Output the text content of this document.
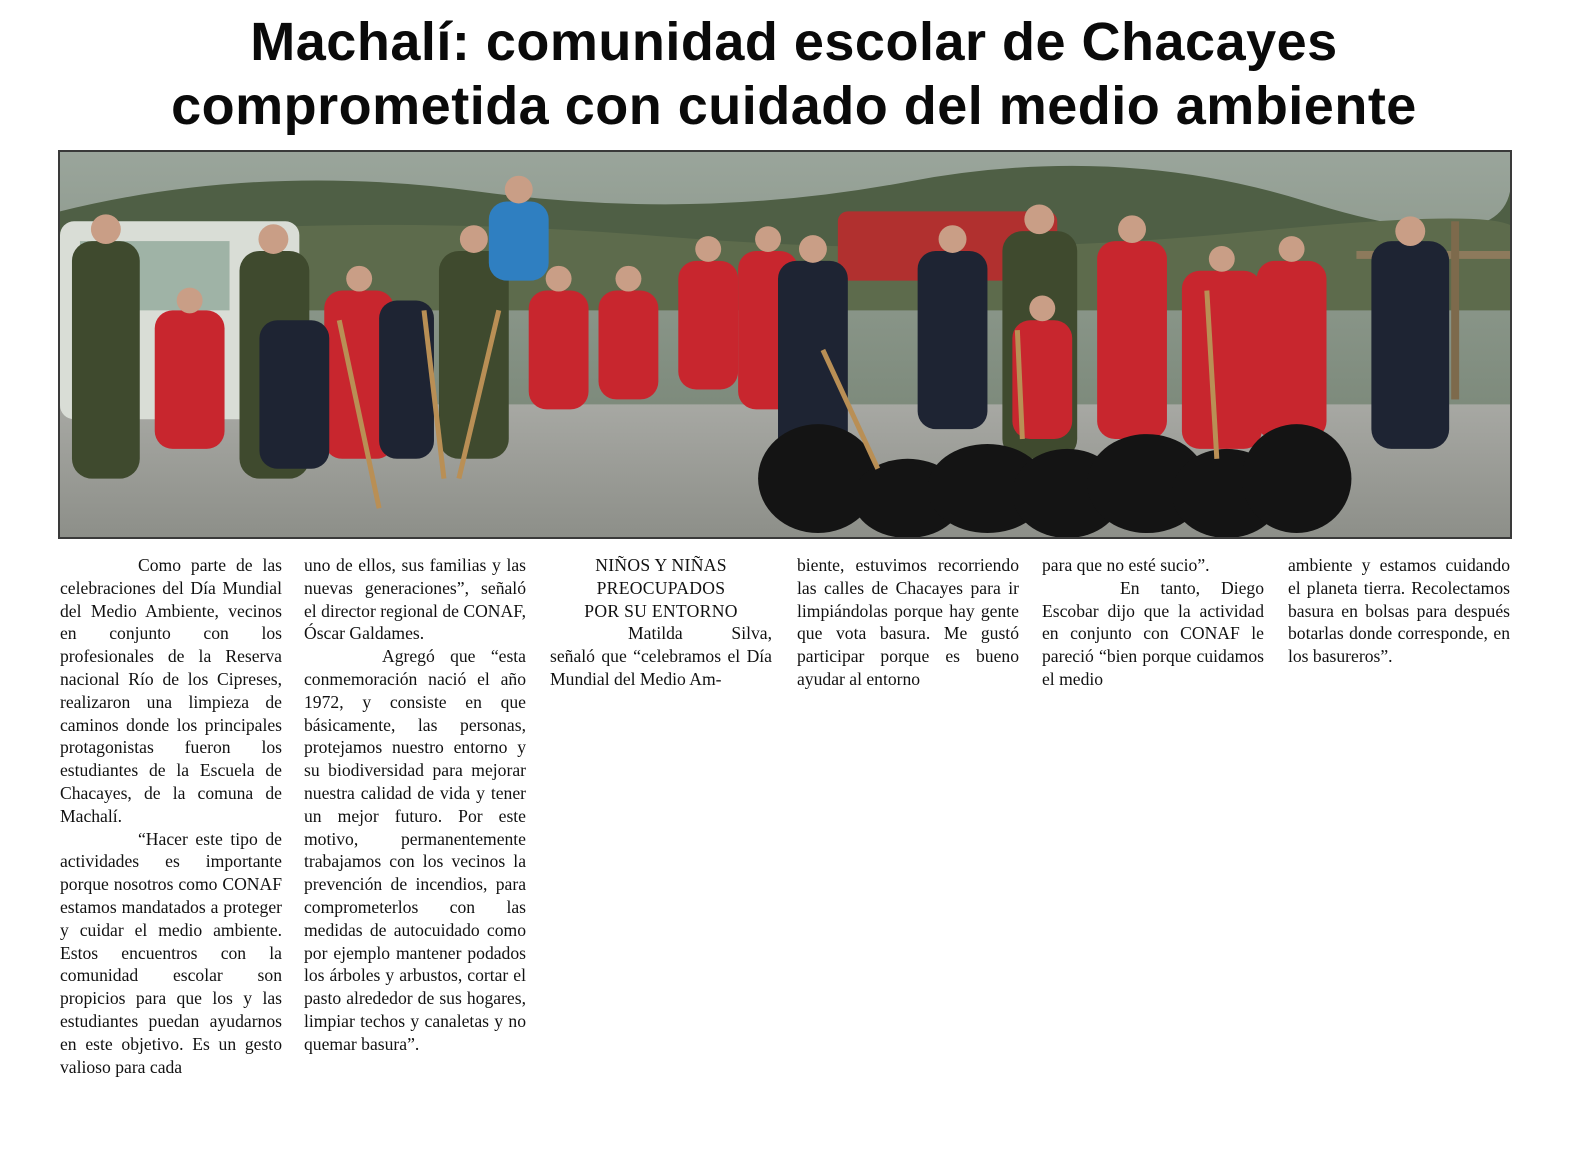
Machalí: comunidad escolar de Chacayes
comprometida con cuidado del medio ambiente

Como parte de las celebraciones del Día Mundial del Medio Ambiente, vecinos en conjunto con los profesionales de la Reserva nacional Río de los Cipreses, realizaron una limpieza de caminos donde los principales protagonistas fueron los estudiantes de la Escuela de Chacayes, de la comuna de Machalí.

“Hacer este tipo de actividades es importante porque nosotros como CONAF estamos mandatados a proteger y cuidar el medio ambiente. Estos encuentros con la comunidad escolar son propicios para que los y las estudiantes puedan ayudarnos en este objetivo. Es un gesto valioso para cada

uno de ellos, sus familias y las nuevas generaciones”, señaló el director regional de CONAF, Óscar Galdames.

Agregó que “esta conmemoración nació el año 1972, y consiste en que básicamente, las personas, protejamos nuestro entorno y su biodiversidad para mejorar nuestra calidad de vida y tener un mejor futuro. Por este motivo, permanentemente trabajamos con los vecinos la prevención de incendios, para comprometerlos con las medidas de autocuidado como por ejemplo mantener podados los árboles y arbustos, cortar el pasto alrededor de sus hogares, limpiar techos y canaletas y no quemar basura”.

NIÑOS Y NIÑAS
PREOCUPADOS
POR SU ENTORNO

Matilda Silva, señaló que “celebramos el Día Mundial del Medio Am-

biente, estuvimos recorriendo las calles de Chacayes para ir limpiándolas porque hay gente que vota basura. Me gustó participar porque es bueno ayudar al entorno

para que no esté sucio”.

En tanto, Diego Escobar dijo que la actividad en conjunto con CONAF le pareció “bien porque cuidamos el medio

ambiente y estamos cuidando el planeta tierra. Recolectamos basura en bolsas para después botarlas donde corresponde, en los basureros”.
